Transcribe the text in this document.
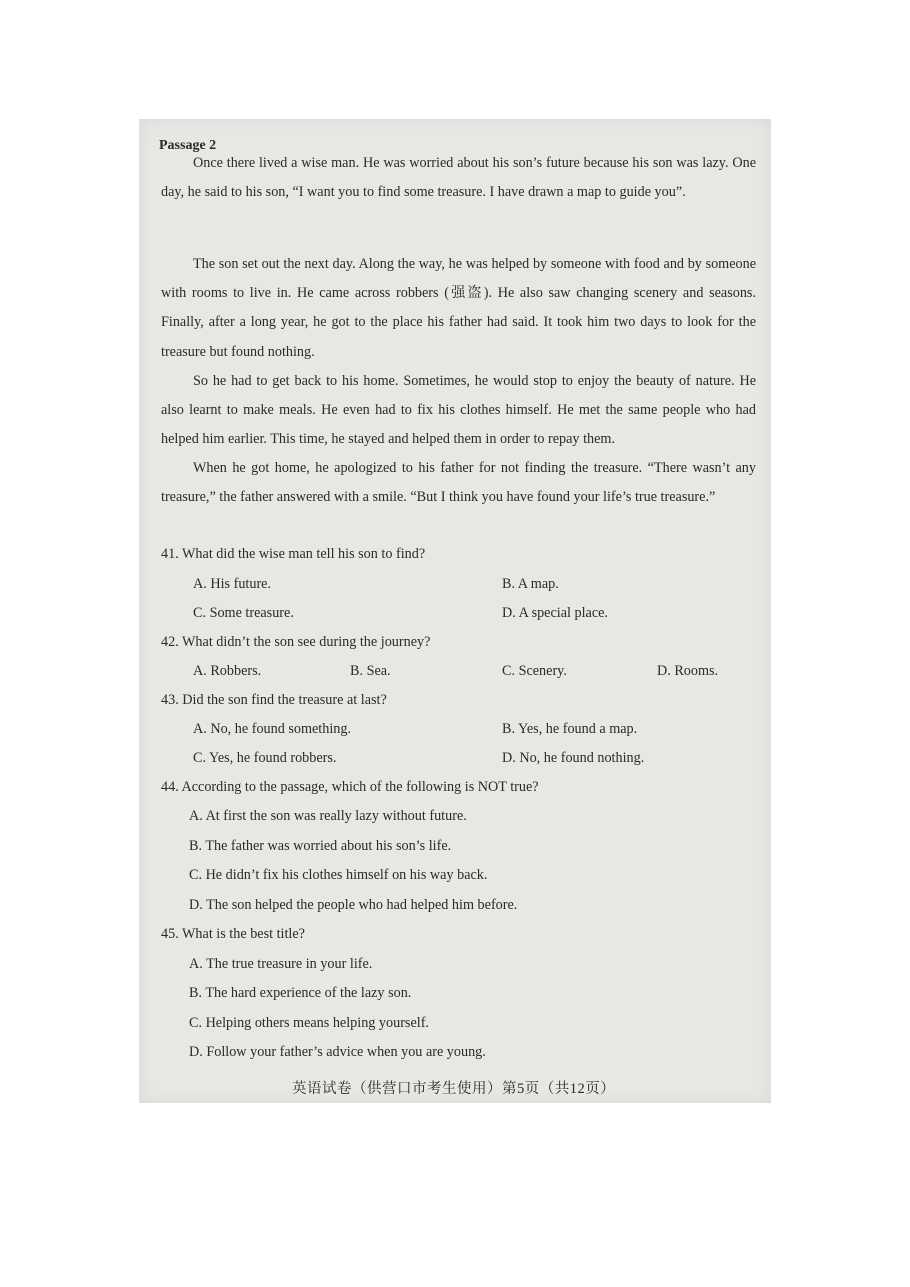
Passage 2
Once there lived a wise man. He was worried about his son’s future because his son was lazy. One day, he said to his son, “I want you to find some treasure. I have drawn a map to guide you”.
The son set out the next day. Along the way, he was helped by someone with food and by someone with rooms to live in. He came across robbers (强盗). He also saw changing scenery and seasons. Finally, after a long year, he got to the place his father had said. It took him two days to look for the treasure but found nothing.
So he had to get back to his home. Sometimes, he would stop to enjoy the beauty of nature. He also learnt to make meals. He even had to fix his clothes himself. He met the same people who had helped him earlier. This time, he stayed and helped them in order to repay them.
When he got home, he apologized to his father for not finding the treasure. “There wasn’t any treasure,” the father answered with a smile. “But I think you have found your life’s true treasure.”
41. What did the wise man tell his son to find?
A. His future.	B. A map.
C. Some treasure.	D. A special place.
42. What didn’t the son see during the journey?
A. Robbers.	B. Sea.	C. Scenery.	D. Rooms.
43. Did the son find the treasure at last?
A. No, he found something.	B. Yes, he found a map.
C. Yes, he found robbers.	D. No, he found nothing.
44. According to the passage, which of the following is NOT true?
A. At first the son was really lazy without future.
B. The father was worried about his son’s life.
C. He didn’t fix his clothes himself on his way back.
D. The son helped the people who had helped him before.
45. What is the best title?
A. The true treasure in your life.
B. The hard experience of the lazy son.
C. Helping others means helping yourself.
D. Follow your father’s advice when you are young.
英语试卷（供营口市考生使用）第5页（共12页）
